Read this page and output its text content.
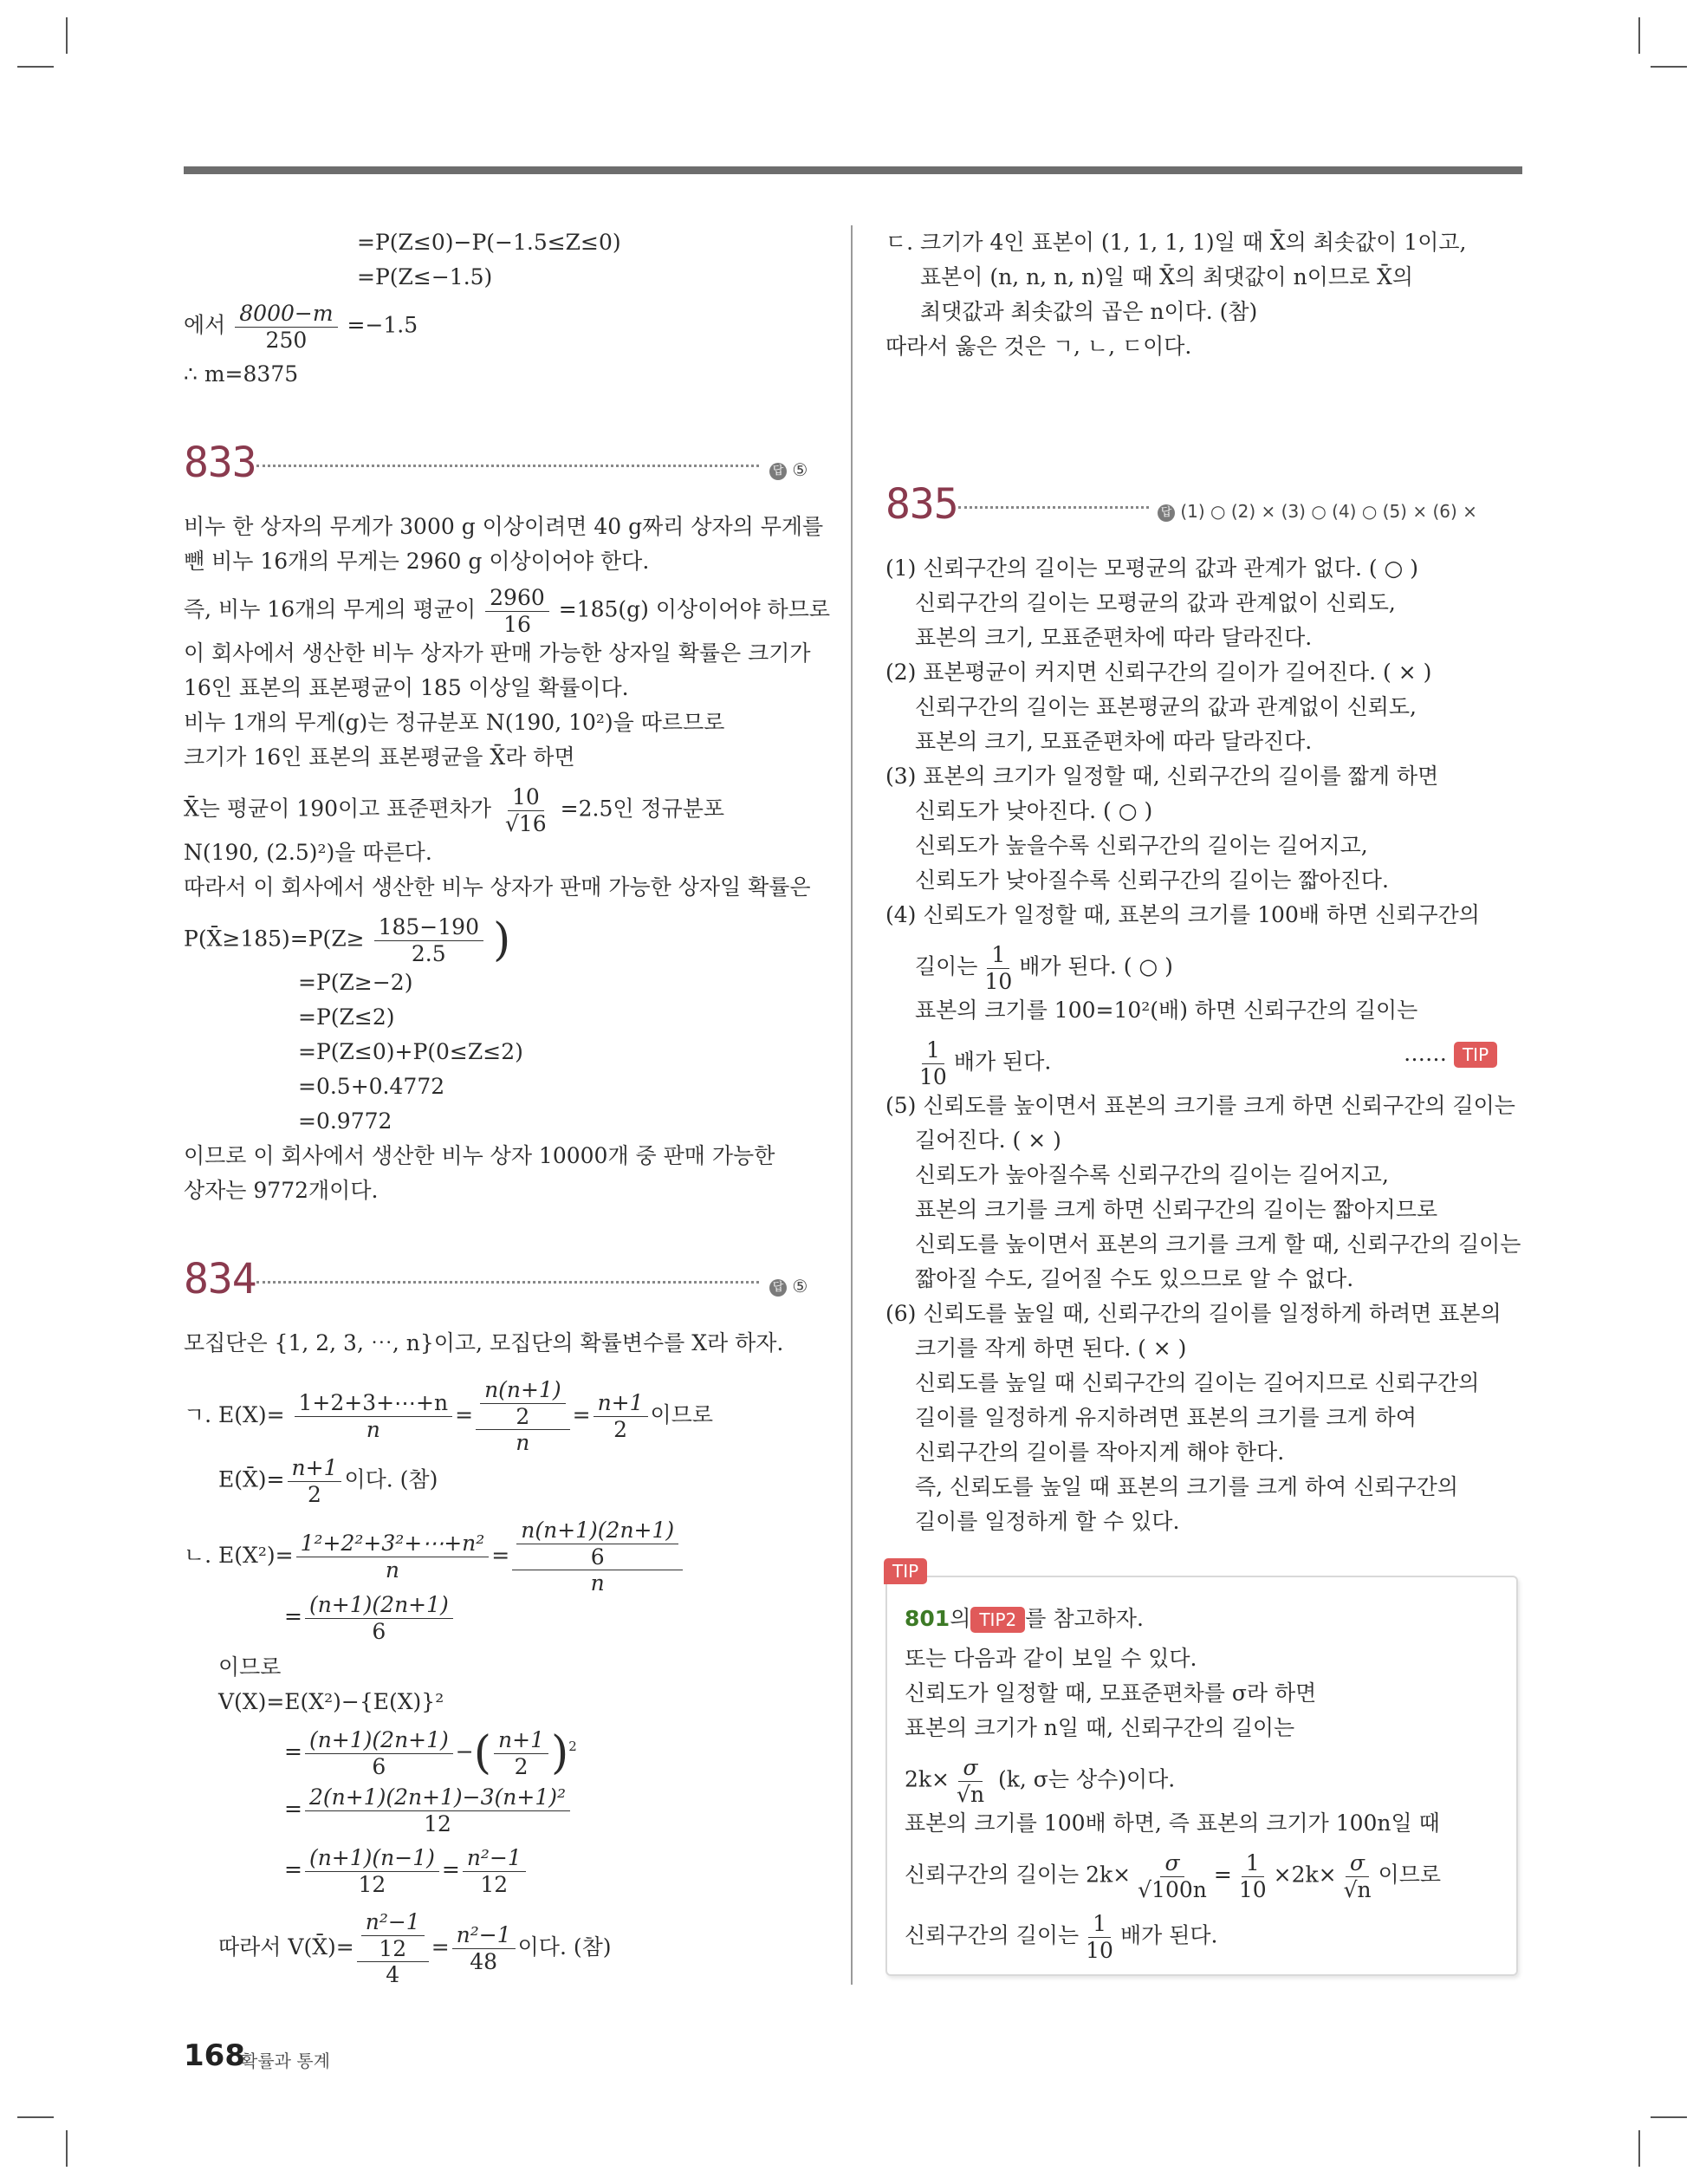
=P(Z≤0)−P(−1.5≤Z≤0)
=P(Z≤−1.5)
에서 $\frac{8000-m}{250} =-1.5$
∴ m=8375
833	답 ⑤
비누 한 상자의 무게가 3000 g 이상이려면 40 g짜리 상자의 무게를
뺀 비누 16개의 무게는 2960 g 이상이어야 한다.
즉, 비누 16개의 무게의 평균이 $\frac{2960}{16} =185(g)$ 이상이어야 하므로
이 회사에서 생산한 비누 상자가 판매 가능한 상자일 확률은 크기가
16인 표본의 표본평균이 185 이상일 확률이다.
비누 1개의 무게(g)는 정규분포 N(190, 10²)을 따르므로
크기가 16인 표본의 표본평균을 X̄라 하면
X̄는 평균이 190이고 표준편차가 $\frac{10}{√16} =2.5$인 정규분포
N(190, (2.5)²)을 따른다.
따라서 이 회사에서 생산한 비누 상자가 판매 가능한 상자일 확률은
P(X̄≥185)=P(Z≥ $\frac{185-190}{2.5}$ )
=P(Z≥−2)
=P(Z≤2)
=P(Z≤0)+P(0≤Z≤2)
=0.5+0.4772
=0.9772
이므로 이 회사에서 생산한 비누 상자 10000개 중 판매 가능한
상자는 9772개이다.
834	답 ⑤
모집단은 {1, 2, 3, ⋯, n}이고, 모집단의 확률변수를 X라 하자.
ㄱ. $E(X)= \frac{1+2+3+\cdots+n}{n} = \frac{\frac{n(n+1)}{2}}{n} = \frac{n+1}{2}$ 이므로
E(X̄)= $\frac{n+1}{2}$ 이다. (참)
ㄴ. $E(X^2)= \frac{\text{1²+2²+3²+⋯+n²}}{n} = \frac{\frac{n(n+1)(2n+1)}{6}}{n}$
= $\frac{(n+1)(2n+1)}{6}$
이므로
V(X)=E(X²)−{E(X)}²
= $\frac{(n+1)(2n+1)}{6}$ −( $\frac{n+1}{2} )^2$
= $\frac{\text{2(n+1)(2n+1)−3(n+1)²}}{12}$
= $\frac{(n+1)(n-1)}{12} = \frac{\text{n²−1}}{12}$
따라서 V(X̄)= $\frac{\frac{\text{n²−1}}{12}}{4} = \frac{\text{n²−1}}{48}$ 이다. (참)
ㄷ. 크기가 4인 표본이 (1, 1, 1, 1)일 때 X̄의 최솟값이 1이고,
표본이 (n, n, n, n)일 때 X̄의 최댓값이 n이므로 X̄의
최댓값과 최솟값의 곱은 n이다. (참)
따라서 옳은 것은 ㄱ, ㄴ, ㄷ이다.
835	답 (1) ○ (2) × (3) ○ (4) ○ (5) × (6) ×
(1) 신뢰구간의 길이는 모평균의 값과 관계가 없다. ( ○ )
신뢰구간의 길이는 모평균의 값과 관계없이 신뢰도,
표본의 크기, 모표준편차에 따라 달라진다.
(2) 표본평균이 커지면 신뢰구간의 길이가 길어진다. ( × )
신뢰구간의 길이는 표본평균의 값과 관계없이 신뢰도,
표본의 크기, 모표준편차에 따라 달라진다.
(3) 표본의 크기가 일정할 때, 신뢰구간의 길이를 짧게 하면
신뢰도가 낮아진다. ( ○ )
신뢰도가 높을수록 신뢰구간의 길이는 길어지고,
신뢰도가 낮아질수록 신뢰구간의 길이는 짧아진다.
(4) 신뢰도가 일정할 때, 표본의 크기를 100배 하면 신뢰구간의
길이는 $\frac{1}{10}$ 배가 된다. ( ○ )
표본의 크기를 100=10²(배) 하면 신뢰구간의 길이는
$\frac{1}{10}$ 배가 된다.	…… TIP
(5) 신뢰도를 높이면서 표본의 크기를 크게 하면 신뢰구간의 길이는
길어진다. ( × )
신뢰도가 높아질수록 신뢰구간의 길이는 길어지고,
표본의 크기를 크게 하면 신뢰구간의 길이는 짧아지므로
신뢰도를 높이면서 표본의 크기를 크게 할 때, 신뢰구간의 길이는
짧아질 수도, 길어질 수도 있으므로 알 수 없다.
(6) 신뢰도를 높일 때, 신뢰구간의 길이를 일정하게 하려면 표본의
크기를 작게 하면 된다. ( × )
신뢰도를 높일 때 신뢰구간의 길이는 길어지므로 신뢰구간의
길이를 일정하게 유지하려면 표본의 크기를 크게 하여
신뢰구간의 길이를 작아지게 해야 한다.
즉, 신뢰도를 높일 때 표본의 크기를 크게 하여 신뢰구간의
길이를 일정하게 할 수 있다.
TIP
801의 TIP2 를 참고하자.
또는 다음과 같이 보일 수 있다.
신뢰도가 일정할 때, 모표준편차를 σ라 하면
표본의 크기가 n일 때, 신뢰구간의 길이는
$2k\times \frac{\sigma}{√n} (k$, σ는 상수)이다.
표본의 크기를 100배 하면, 즉 표본의 크기가 100n일 때
신뢰구간의 길이는 $2k\times \frac{\sigma}{√100n} = \frac{1}{10} \times 2k\times \frac{\sigma}{√n}$ 이므로
신뢰구간의 길이는 $\frac{1}{10}$ 배가 된다.
168
확률과 통계
